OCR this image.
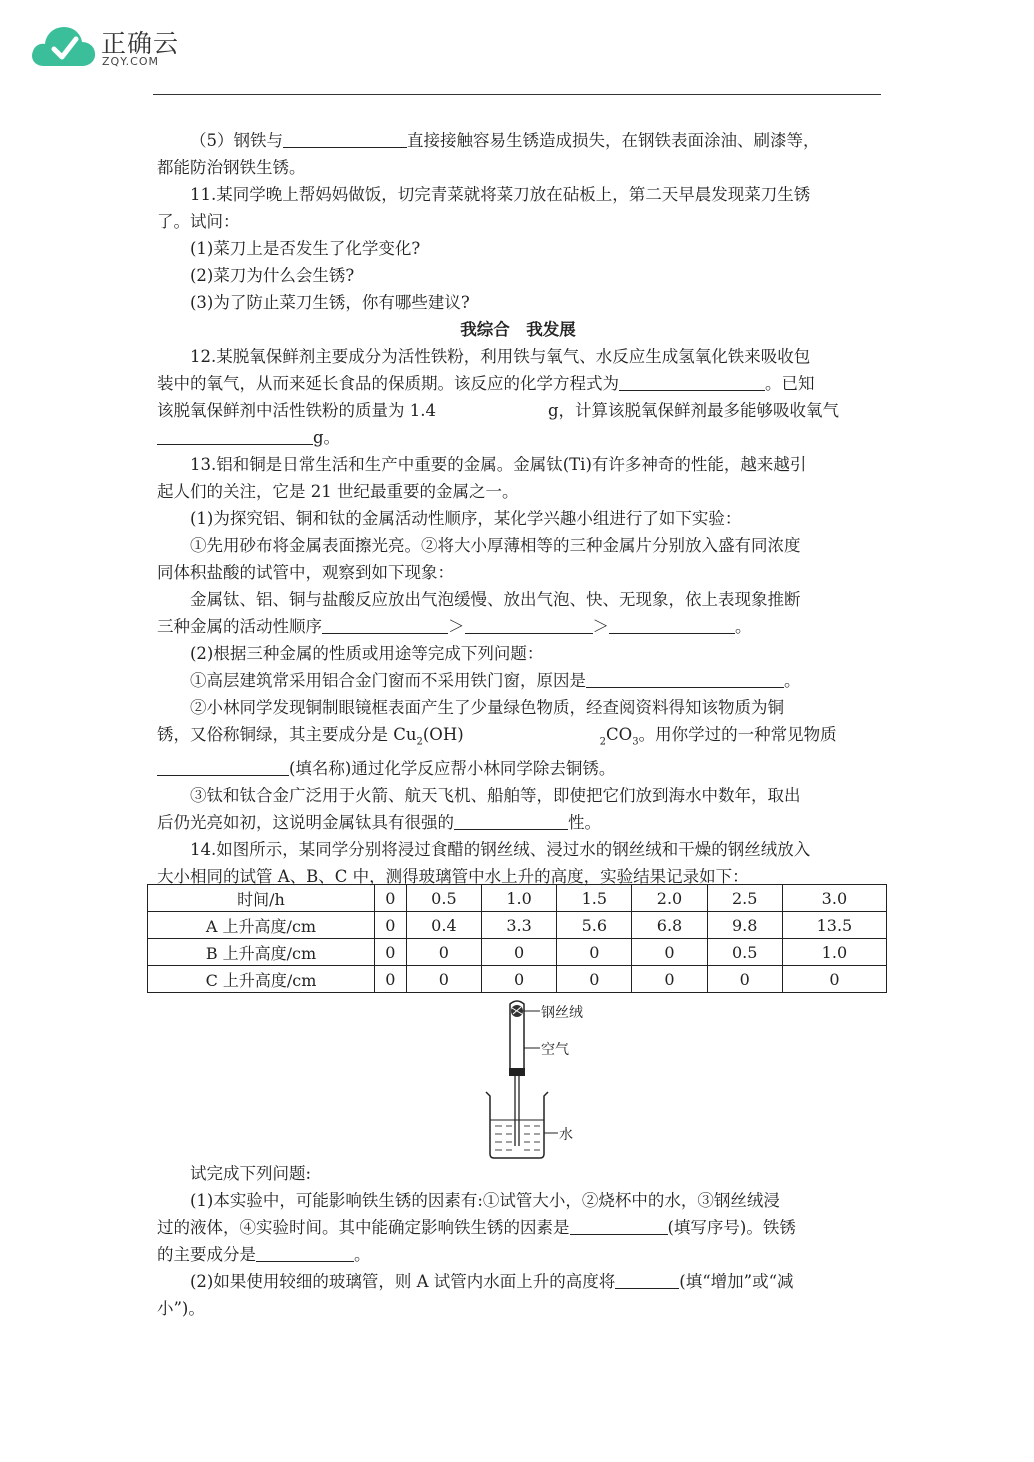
正确云
ZQY.COM

（5）钢铁与	直接接触容易生锈造成损失，在钢铁表面涂油、刷漆等，

都能防治钢铁生锈。

11.某同学晚上帮妈妈做饭，切完青菜就将菜刀放在砧板上，第二天早晨发现菜刀生锈

了。试问：

(1)菜刀上是否发生了化学变化?

(2)菜刀为什么会生锈?

(3)为了防止菜刀生锈，你有哪些建议?

我综合　我发展

12.某脱氧保鲜剂主要成分为活性铁粉，利用铁与氧气、水反应生成氢氧化铁来吸收包

装中的氧气，从而来延长食品的保质期。该反应的化学方程式为	。已知

该脱氧保鲜剂中活性铁粉的质量为 1.4	g，计算该脱氧保鲜剂最多能够吸收氧气

g。

13.铝和铜是日常生活和生产中重要的金属。金属钛(Ti)有许多神奇的性能，越来越引

起人们的关注，它是 21 世纪最重要的金属之一。

(1)为探究铝、铜和钛的金属活动性顺序，某化学兴趣小组进行了如下实验：

①先用砂布将金属表面擦光亮。②将大小厚薄相等的三种金属片分别放入盛有同浓度

同体积盐酸的试管中，观察到如下现象：

金属钛、铝、铜与盐酸反应放出气泡缓慢、放出气泡、快、无现象，依上表现象推断

三种金属的活动性顺序	＞	＞	。

(2)根据三种金属的性质或用途等完成下列问题：

①高层建筑常采用铝合金门窗而不采用铁门窗，原因是	。

②小林同学发现铜制眼镜框表面产生了少量绿色物质，经查阅资料得知该物质为铜

锈，又俗称铜绿，其主要成分是 $Cu_2(OH)$	$_2CO_3$。用你学过的一种常见物质

(填名称)通过化学反应帮小林同学除去铜锈。

③钛和钛合金广泛用于火箭、航天飞机、船舶等，即使把它们放到海水中数年，取出

后仍光亮如初，这说明金属钛具有很强的	性。

14.如图所示，某同学分别将浸过食醋的钢丝绒、浸过水的钢丝绒和干燥的钢丝绒放入

大小相同的试管 A、B、C 中，测得玻璃管中水上升的高度，实验结果记录如下：

时间/h	0	0.5	1.0	1.5	2.0	2.5	3.0
A 上升高度/cm	0	0.4	3.3	5.6	6.8	9.8	13.5
B 上升高度/cm	0	0	0	0	0	0.5	1.0
C 上升高度/cm	0	0	0	0	0	0	0
钢丝绒
空气
水

试完成下列问题:

(1)本实验中，可能影响铁生锈的因素有:①试管大小，②烧杯中的水，③钢丝绒浸

过的液体，④实验时间。其中能确定影响铁生锈的因素是	(填写序号)。铁锈

的主要成分是	。

(2)如果使用较细的玻璃管，则 A 试管内水面上升的高度将	(填“增加”或“减

小”)。
